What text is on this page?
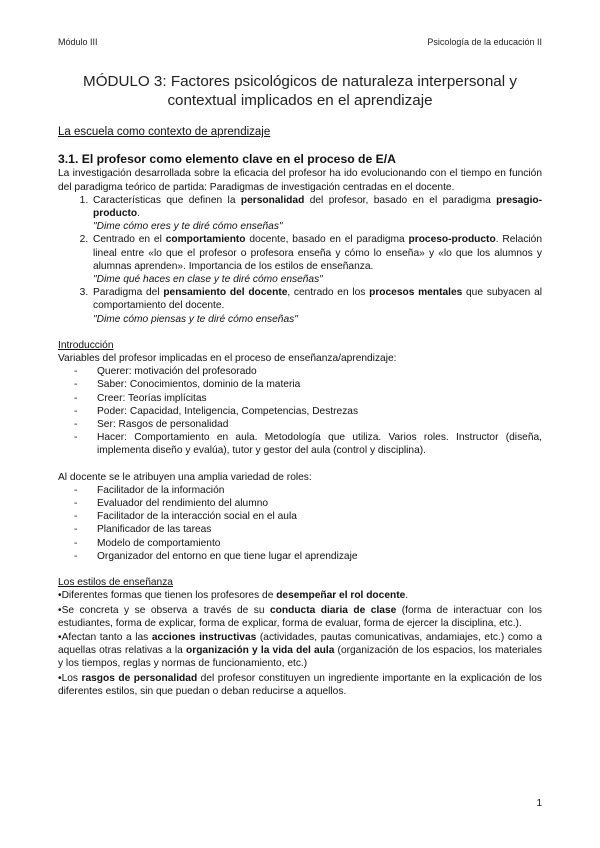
Módulo III	Psicología de la educación II
MÓDULO 3: Factores psicológicos de naturaleza interpersonal y contextual implicados en el aprendizaje
La escuela como contexto de aprendizaje
3.1. El profesor como elemento clave en el proceso de E/A

La investigación desarrollada sobre la eficacia del profesor ha ido evolucionando con el tiempo en función del paradigma teórico de partida: Paradigmas de investigación centradas en el docente.

1. Características que definen la personalidad del profesor, basado en el paradigma presagio-producto.
"Dime cómo eres y te diré cómo enseñas"
2. Centrado en el comportamiento docente, basado en el paradigma proceso-producto. Relación lineal entre «lo que el profesor o profesora enseña y cómo lo enseña» y «lo que los alumnos y alumnas aprenden». Importancia de los estilos de enseñanza.
"Dime qué haces en clase y te diré cómo enseñas"
3. Paradigma del pensamiento del docente, centrado en los procesos mentales que subyacen al comportamiento del docente.
"Dime cómo piensas y te diré cómo enseñas"
Introducción

Variables del profesor implicadas en el proceso de enseñanza/aprendizaje:

- Querer: motivación del profesorado
- Saber: Conocimientos, dominio de la materia
- Creer: Teorías implícitas
- Poder: Capacidad, Inteligencia, Competencias, Destrezas
- Ser: Rasgos de personalidad
- Hacer: Comportamiento en aula. Metodología que utiliza. Varios roles. Instructor (diseña, implementa diseño y evalúa), tutor y gestor del aula (control y disciplina).

Al docente se le atribuyen una amplia variedad de roles:

- Facilitador de la información
- Evaluador del rendimiento del alumno
- Facilitador de la interacción social en el aula
- Planificador de las tareas
- Modelo de comportamiento
- Organizador del entorno en que tiene lugar el aprendizaje
Los estilos de enseñanza

•Diferentes formas que tienen los profesores de desempeñar el rol docente.

•Se concreta y se observa a través de su conducta diaria de clase (forma de interactuar con los estudiantes, forma de explicar, forma de explicar, forma de evaluar, forma de ejercer la disciplina, etc.).

•Afectan tanto a las acciones instructivas (actividades, pautas comunicativas, andamiajes, etc.) como a aquellas otras relativas a la organización y la vida del aula (organización de los espacios, los materiales y los tiempos, reglas y normas de funcionamiento, etc.)

•Los rasgos de personalidad del profesor constituyen un ingrediente importante en la explicación de los diferentes estilos, sin que puedan o deban reducirse a aquellos.

1
